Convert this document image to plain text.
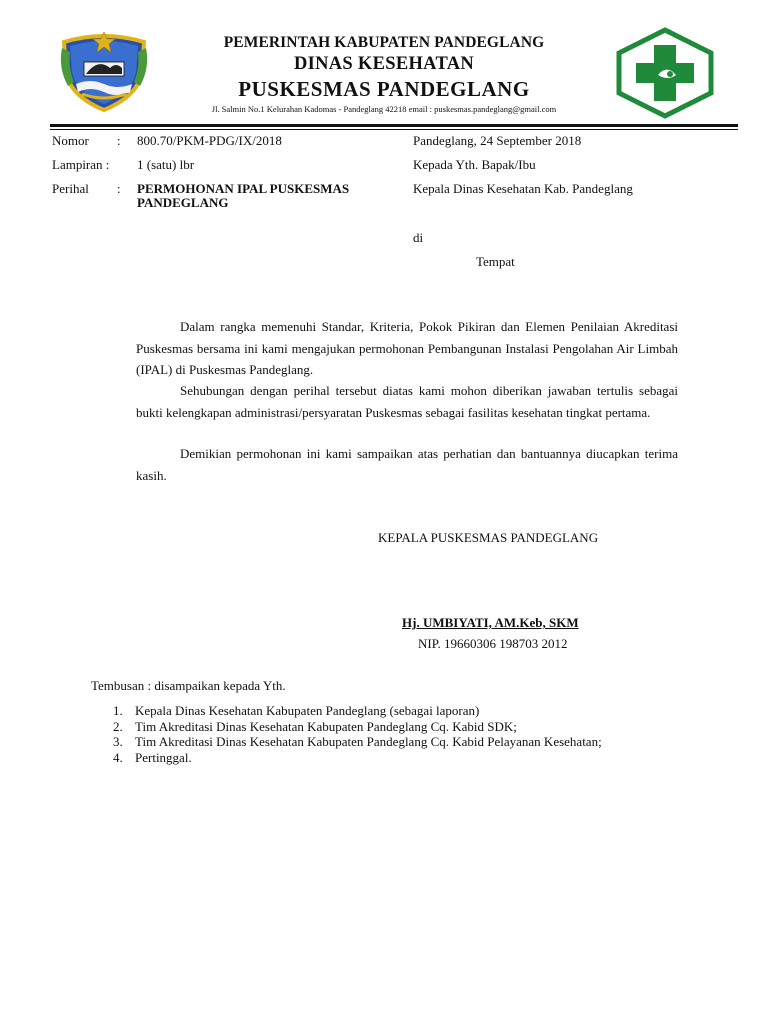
PEMERINTAH KABUPATEN PANDEGLANG
DINAS KESEHATAN
PUSKESMAS PANDEGLANG
Jl. Salmin No.1 Kelurahan Kadomas - Pandeglang 42218 email : puskesmas.pandeglang@gmail.com
Nomor : 800.70/PKM-PDG/IX/2018
Lampiran : 1 (satu) lbr
Perihal : PERMOHONAN IPAL PUSKESMAS
PANDEGLANG
Pandeglang, 24 September 2018
Kepada Yth. Bapak/Ibu
Kepala Dinas Kesehatan Kab. Pandeglang
di
Tempat

Dalam rangka memenuhi Standar, Kriteria, Pokok Pikiran dan Elemen Penilaian Akreditasi Puskesmas bersama ini kami mengajukan permohonan Pembangunan Instalasi Pengolahan Air Limbah (IPAL) di Puskesmas Pandeglang.

Sehubungan dengan perihal tersebut diatas kami mohon diberikan jawaban tertulis sebagai bukti kelengkapan administrasi/persyaratan Puskesmas sebagai fasilitas kesehatan tingkat pertama.

Demikian permohonan ini kami sampaikan atas perhatian dan bantuannya diucapkan terima kasih.

KEPALA PUSKESMAS PANDEGLANG
Hj. UMBIYATI, AM.Keb, SKM
NIP. 19660306 198703 2012
Tembusan : disampaikan kepada Yth.
1. Kepala Dinas Kesehatan Kabupaten Pandeglang (sebagai laporan)
2. Tim Akreditasi Dinas Kesehatan Kabupaten Pandeglang Cq. Kabid SDK;
3. Tim Akreditasi Dinas Kesehatan Kabupaten Pandeglang Cq. Kabid Pelayanan Kesehatan;
4. Pertinggal.
